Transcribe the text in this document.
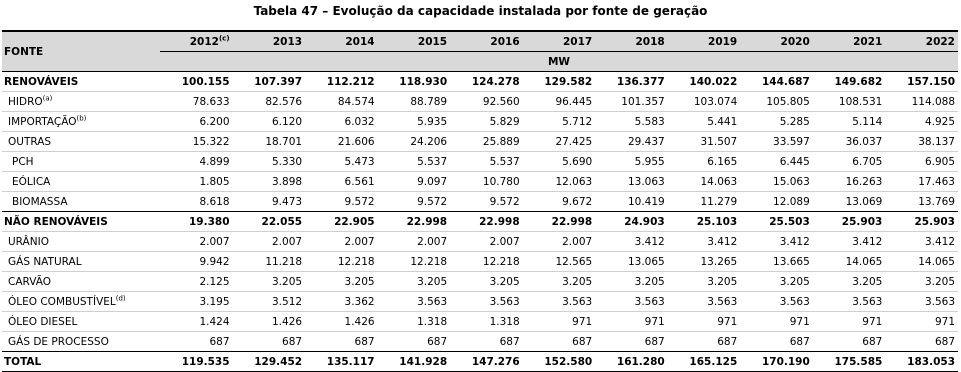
Tabela 47 – Evolução da capacidade instalada por fonte de geração
FONTE	2012$^{(c)}$	2013	2014	2015	2016	2017	2018	2019	2020	2021	2022
	MW										
RENOVÁVEIS	100.155	107.397	112.212	118.930	124.278	129.582	136.377	140.022	144.687	149.682	157.150
HIDRO$^{(a)}$	78.633	82.576	84.574	88.789	92.560	96.445	101.357	103.074	105.805	108.531	114.088
IMPORTAÇÃO$^{(b)}$	6.200	6.120	6.032	5.935	5.829	5.712	5.583	5.441	5.285	5.114	4.925
OUTRAS	15.322	18.701	21.606	24.206	25.889	27.425	29.437	31.507	33.597	36.037	38.137
PCH	4.899	5.330	5.473	5.537	5.537	5.690	5.955	6.165	6.445	6.705	6.905
EÓLICA	1.805	3.898	6.561	9.097	10.780	12.063	13.063	14.063	15.063	16.263	17.463
BIOMASSA	8.618	9.473	9.572	9.572	9.572	9.672	10.419	11.279	12.089	13.069	13.769
NÃO RENOVÁVEIS	19.380	22.055	22.905	22.998	22.998	22.998	24.903	25.103	25.503	25.903	25.903
URÂNIO	2.007	2.007	2.007	2.007	2.007	2.007	3.412	3.412	3.412	3.412	3.412
GÁS NATURAL	9.942	11.218	12.218	12.218	12.218	12.565	13.065	13.265	13.665	14.065	14.065
CARVÃO	2.125	3.205	3.205	3.205	3.205	3.205	3.205	3.205	3.205	3.205	3.205
ÓLEO COMBUSTÍVEL$^{(d)}$	3.195	3.512	3.362	3.563	3.563	3.563	3.563	3.563	3.563	3.563	3.563
ÓLEO DIESEL	1.424	1.426	1.426	1.318	1.318	971	971	971	971	971	971
GÁS DE PROCESSO	687	687	687	687	687	687	687	687	687	687	687
TOTAL	119.535	129.452	135.117	141.928	147.276	152.580	161.280	165.125	170.190	175.585	183.053
